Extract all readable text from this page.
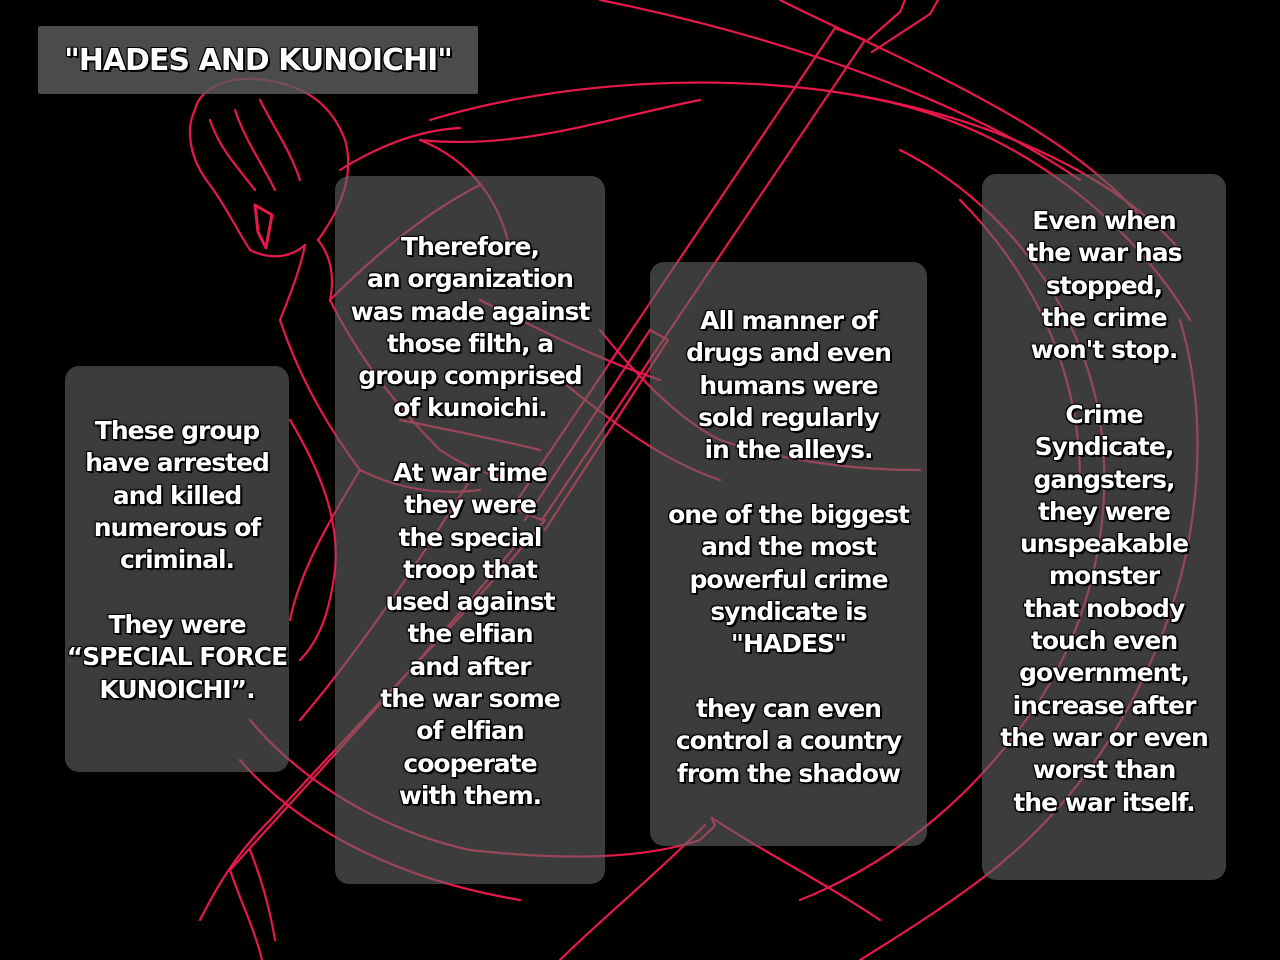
"HADES AND KUNOICHI"

These group
have arrested
and killed
numerous of
criminal.

They were
“SPECIAL FORCE
KUNOICHI”.

Therefore,
an organization
was made against
those filth, a
group comprised
of kunoichi.

At war time
they were
the special
troop that
used against
the elfian
and after
the war some
of elfian
cooperate
with them.

All manner of
drugs and even
humans were
sold regularly
in the alleys.

one of the biggest
and the most
powerful crime
syndicate is
"HADES"

they can even
control a country
from the shadow

Even when
the war has
stopped,
the crime
won't stop.

Crime
Syndicate,
gangsters,
they were
unspeakable
monster
that nobody
touch even
government,
increase after
the war or even
worst than
the war itself.
